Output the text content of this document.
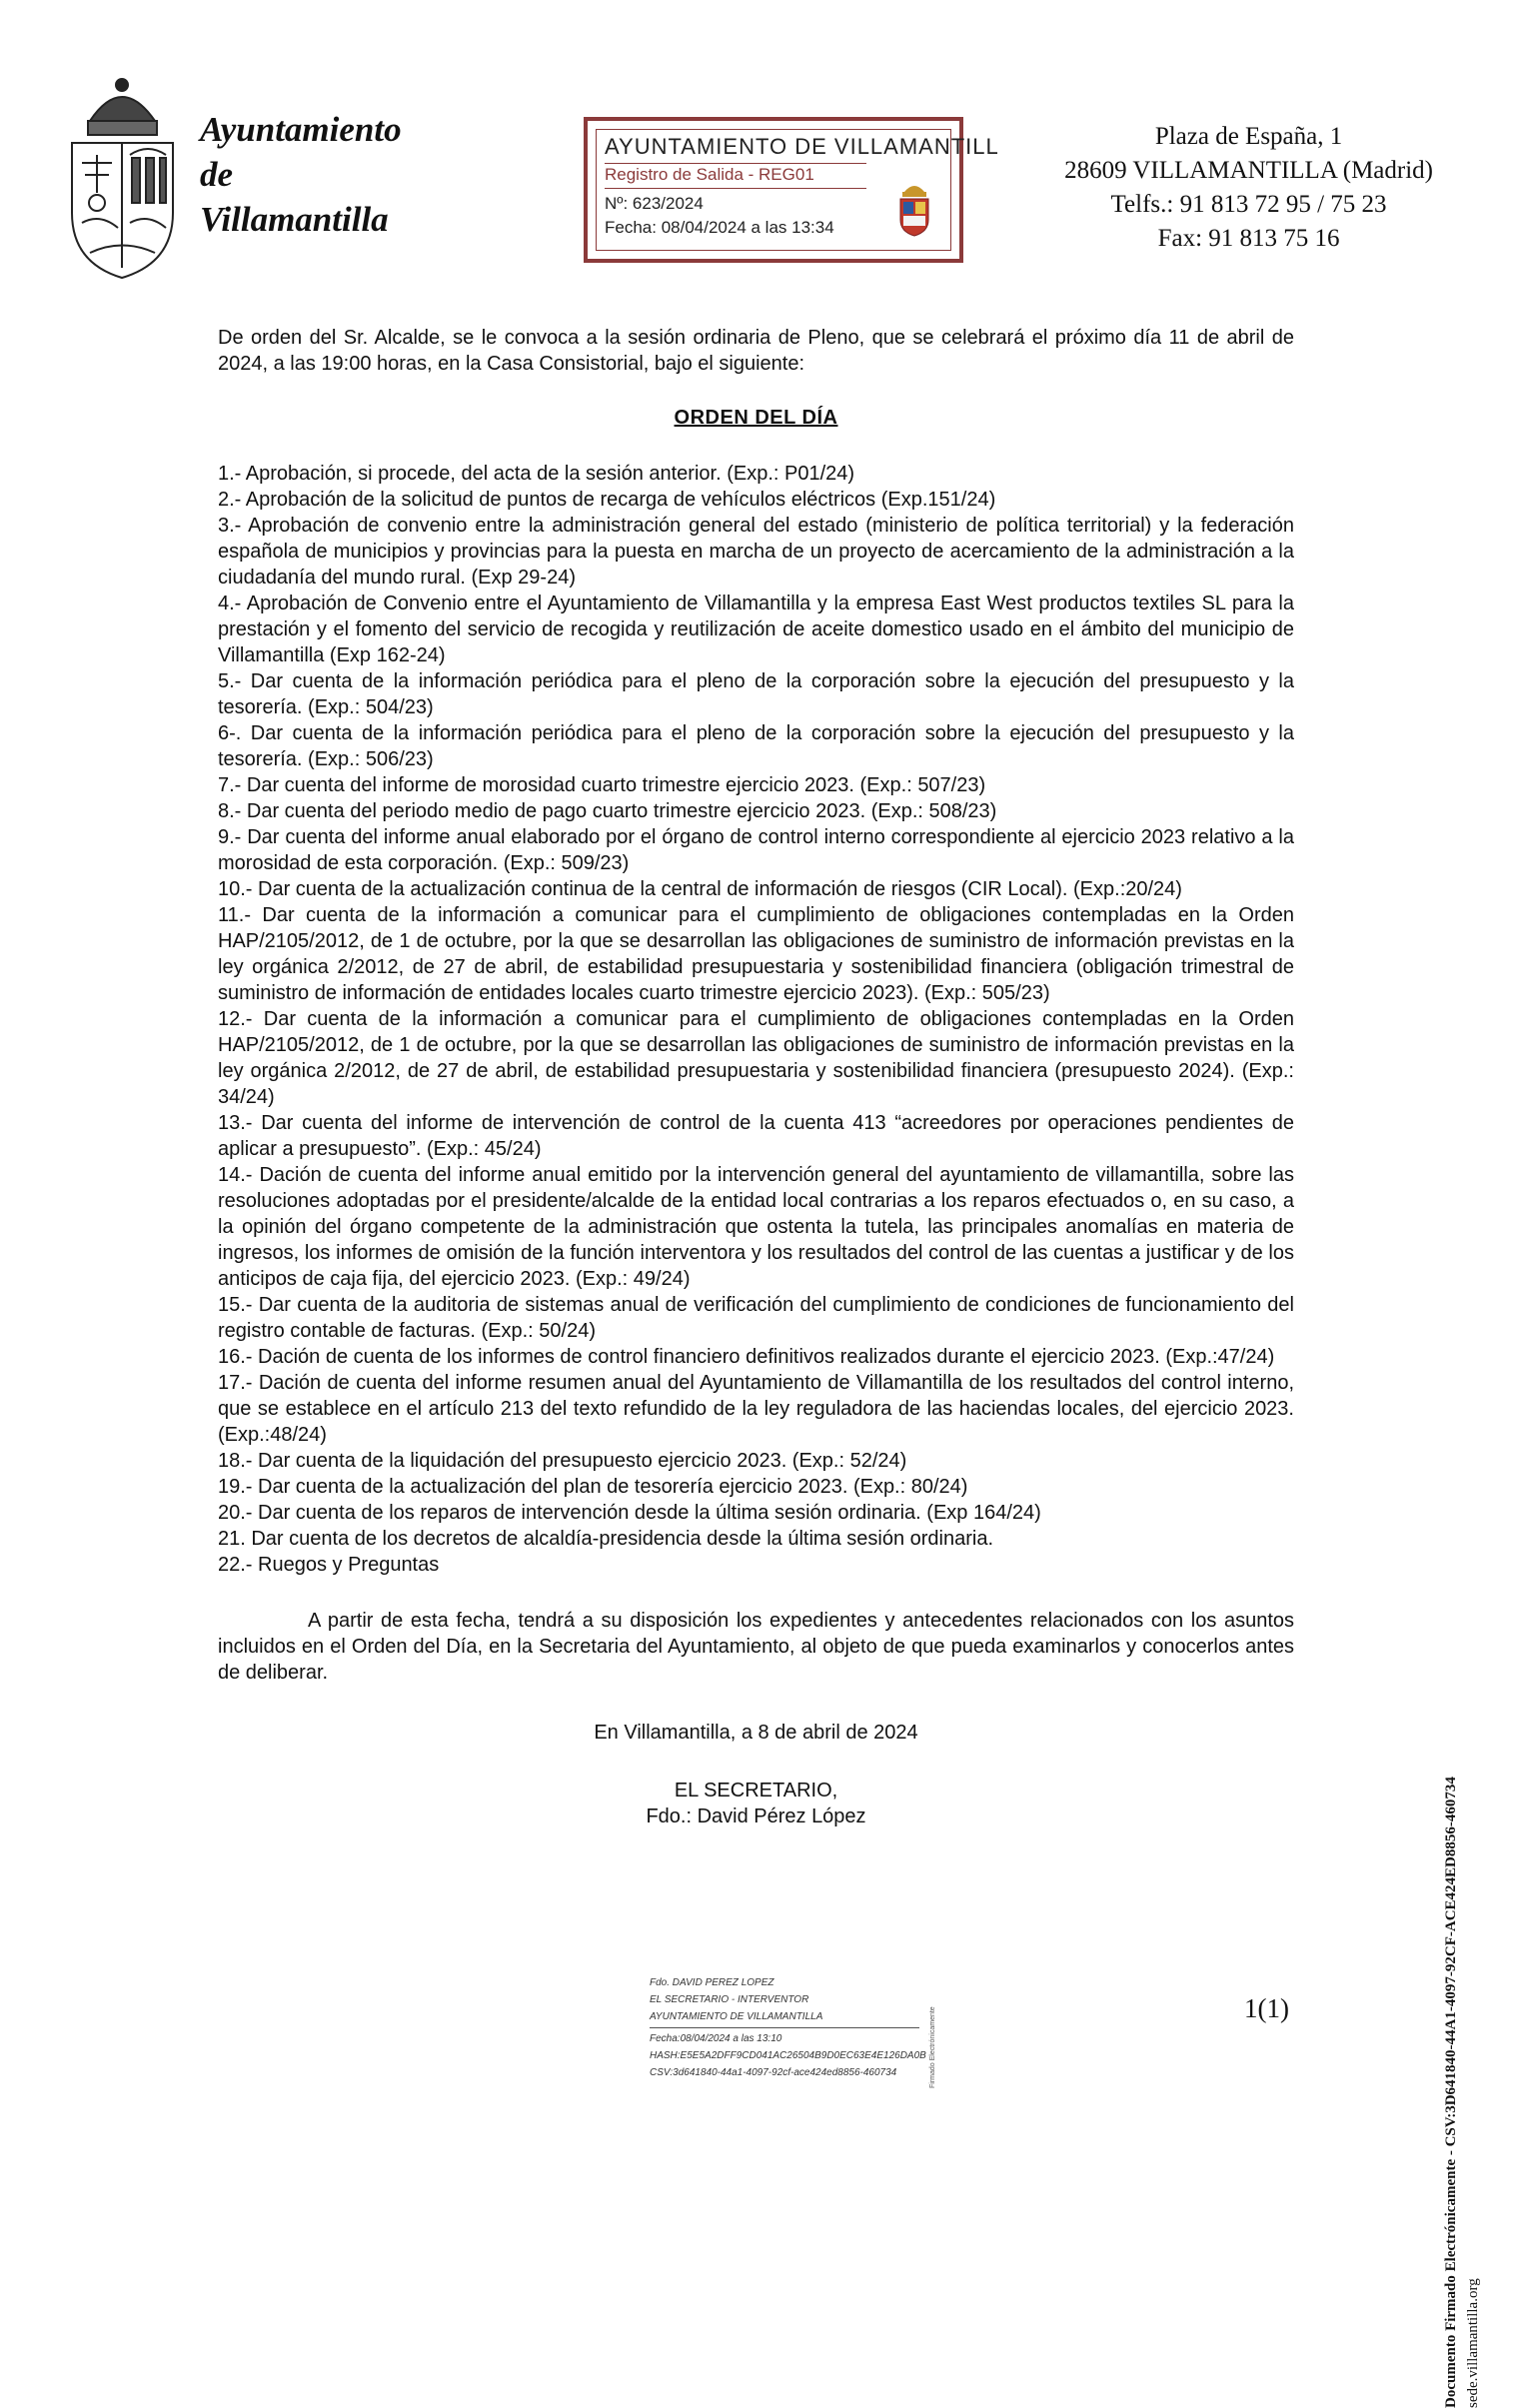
Ayuntamiento
de
Villamantilla
AYUNTAMIENTO DE VILLAMANTILL
Registro de Salida - REG01
Nº: 623/2024
Fecha: 08/04/2024 a las 13:34
Plaza de España, 1
28609 VILLAMANTILLA (Madrid)
Telfs.: 91 813 72 95 / 75 23
Fax: 91 813 75 16

De orden del Sr. Alcalde, se le convoca a la sesión ordinaria de Pleno, que se celebrará el próximo día 11 de abril de 2024, a las 19:00 horas, en la Casa Consistorial, bajo el siguiente:

ORDEN DEL DÍA
1.- Aprobación, si procede, del acta de la sesión anterior. (Exp.: P01/24)
2.- Aprobación de la solicitud de puntos de recarga de vehículos eléctricos (Exp.151/24)
3.- Aprobación de convenio entre la administración general del estado (ministerio de política territorial) y la federación española de municipios y provincias para la puesta en marcha de un proyecto de acercamiento de la administración a la ciudadanía del mundo rural. (Exp 29-24)
4.- Aprobación de Convenio entre el Ayuntamiento de Villamantilla y la empresa East West productos textiles SL para la prestación y el fomento del servicio de recogida y reutilización de aceite domestico usado en el ámbito del municipio de Villamantilla (Exp 162-24)
5.- Dar cuenta de la información periódica para el pleno de la corporación sobre la ejecución del presupuesto y la tesorería. (Exp.: 504/23)
6-. Dar cuenta de la información periódica para el pleno de la corporación sobre la ejecución del presupuesto y la tesorería. (Exp.: 506/23)
7.- Dar cuenta del informe de morosidad cuarto trimestre ejercicio 2023. (Exp.: 507/23)
8.- Dar cuenta del periodo medio de pago cuarto trimestre ejercicio 2023. (Exp.: 508/23)
9.- Dar cuenta del informe anual elaborado por el órgano de control interno correspondiente al ejercicio 2023 relativo a la morosidad de esta corporación. (Exp.: 509/23)
10.- Dar cuenta de la actualización continua de la central de información de riesgos (CIR Local). (Exp.:20/24)
11.- Dar cuenta de la información a comunicar para el cumplimiento de obligaciones contempladas en la Orden HAP/2105/2012, de 1 de octubre, por la que se desarrollan las obligaciones de suministro de información previstas en la ley orgánica 2/2012, de 27 de abril, de estabilidad presupuestaria y sostenibilidad financiera (obligación trimestral de suministro de información de entidades locales cuarto trimestre ejercicio 2023). (Exp.: 505/23)
12.- Dar cuenta de la información a comunicar para el cumplimiento de obligaciones contempladas en la Orden HAP/2105/2012, de 1 de octubre, por la que se desarrollan las obligaciones de suministro de información previstas en la ley orgánica 2/2012, de 27 de abril, de estabilidad presupuestaria y sostenibilidad financiera (presupuesto 2024). (Exp.: 34/24)
13.- Dar cuenta del informe de intervención de control de la cuenta 413 “acreedores por operaciones pendientes de aplicar a presupuesto”. (Exp.: 45/24)
14.- Dación de cuenta del informe anual emitido por la intervención general del ayuntamiento de villamantilla, sobre las resoluciones adoptadas por el presidente/alcalde de la entidad local contrarias a los reparos efectuados o, en su caso, a la opinión del órgano competente de la administración que ostenta la tutela, las principales anomalías en materia de ingresos, los informes de omisión de la función interventora y los resultados del control de las cuentas a justificar y de los anticipos de caja fija, del ejercicio 2023. (Exp.: 49/24)
15.- Dar cuenta de la auditoria de sistemas anual de verificación del cumplimiento de condiciones de funcionamiento del registro contable de facturas. (Exp.: 50/24)
16.- Dación de cuenta de los informes de control financiero definitivos realizados durante el ejercicio 2023. (Exp.:47/24)
17.- Dación de cuenta del informe resumen anual del Ayuntamiento de Villamantilla de los resultados del control interno, que se establece en el artículo 213 del texto refundido de la ley reguladora de las haciendas locales, del ejercicio 2023. (Exp.:48/24)
18.- Dar cuenta de la liquidación del presupuesto ejercicio 2023. (Exp.: 52/24)
19.- Dar cuenta de la actualización del plan de tesorería ejercicio 2023. (Exp.: 80/24)
20.- Dar cuenta de los reparos de intervención desde la última sesión ordinaria. (Exp 164/24)
21. Dar cuenta de los decretos de alcaldía-presidencia desde la última sesión ordinaria.
22.- Ruegos y Preguntas

A partir de esta fecha, tendrá a su disposición los expedientes y antecedentes relacionados con los asuntos incluidos en el Orden del Día, en la Secretaria del Ayuntamiento, al objeto de que pueda examinarlos y conocerlos antes de deliberar.

En Villamantilla, a 8 de abril de 2024

EL SECRETARIO,

Fdo.: David Pérez López

Fdo. DAVID PEREZ LOPEZ
EL SECRETARIO - INTERVENTOR
AYUNTAMIENTO DE VILLAMANTILLA
Fecha:08/04/2024 a las 13:10
HASH:E5E5A2DFF9CD041AC26504B9D0EC63E4E126DA0B
CSV:3d641840-44a1-4097-92cf-ace424ed8856-460734	Firmado Electrónicamente	1(1)	Documento Firmado Electrónicamente - CSV:3D641840-44A1-4097-92CF-ACE424ED8856-460734 sede.villamantilla.org
